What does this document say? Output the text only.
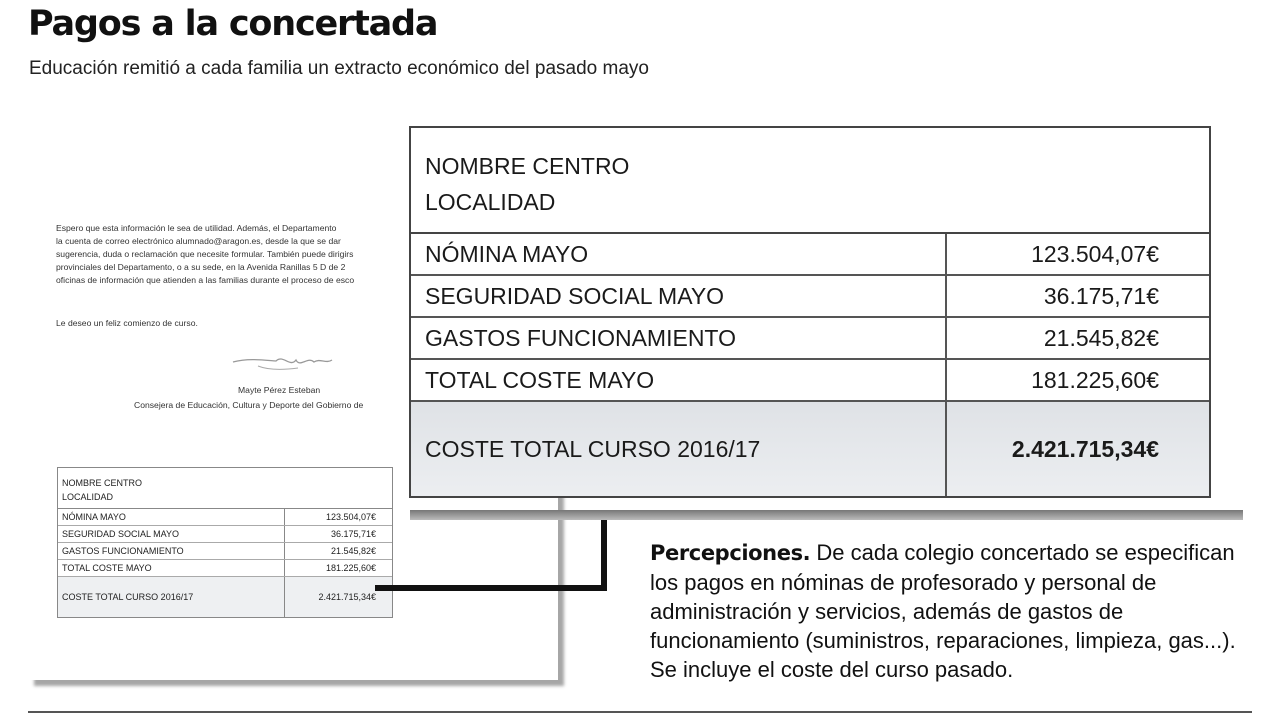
Pagos a la concertada

Educación remitió a cada familia un extracto económico del pasado mayo

Espero que esta información le sea de utilidad. Además, el Departamento
la cuenta de correo electrónico alumnado@aragon.es, desde la que se dar
sugerencia, duda o reclamación que necesite formular. También puede dirigirs
provinciales del Departamento, o a su sede, en la Avenida Ranillas 5 D de 2
oficinas de información que atienden a las familias durante el proceso de esco
Le deseo un feliz comienzo de curso.
Mayte Pérez Esteban
Consejera de Educación, Cultura y Deporte del Gobierno de
NOMBRE CENTRO
LOCALIDAD
NÓMINA MAYO	123.504,07€
SEGURIDAD SOCIAL MAYO	36.175,71€
GASTOS FUNCIONAMIENTO	21.545,82€
TOTAL COSTE MAYO	181.225,60€
COSTE TOTAL CURSO 2016/17	2.421.715,34€
NOMBRE CENTRO
LOCALIDAD
NÓMINA MAYO	123.504,07€
SEGURIDAD SOCIAL MAYO	36.175,71€
GASTOS FUNCIONAMIENTO	21.545,82€
TOTAL COSTE MAYO	181.225,60€
COSTE TOTAL CURSO 2016/17	2.421.715,34€

Percepciones. De cada colegio concertado se especifican los pagos en nóminas de profesorado y personal de administración y servicios, además de gastos de funcionamiento (suministros, reparaciones, limpieza, gas...). Se incluye el coste del curso pasado.
